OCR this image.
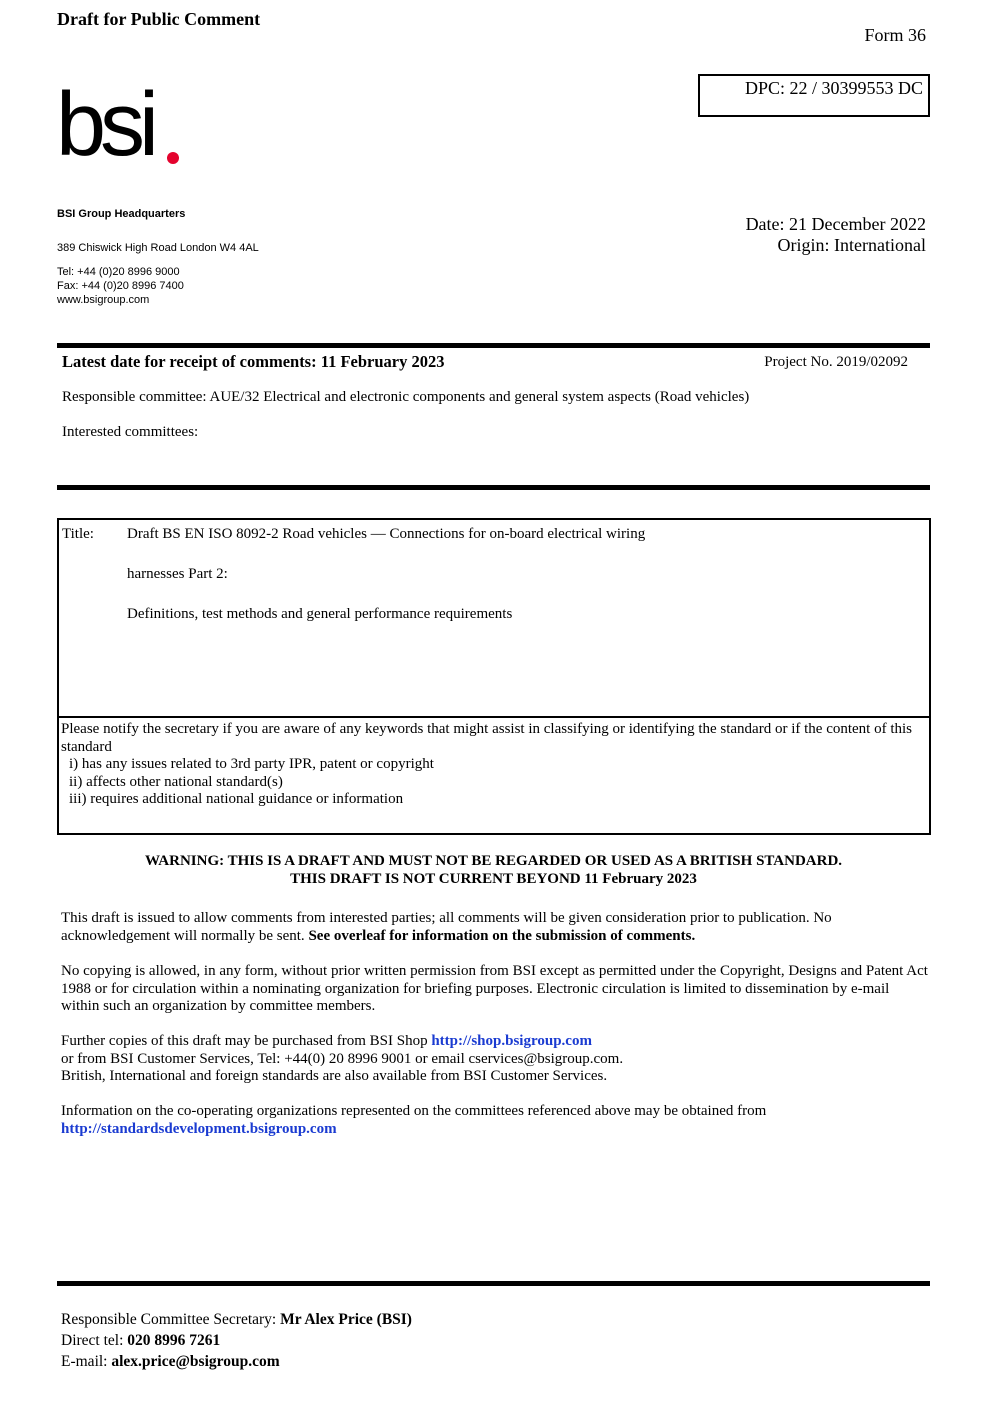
Draft for Public Comment
Form 36
DPC: 22 / 30399553 DC
bsi
BSI Group Headquarters
389 Chiswick High Road London W4 4AL
Tel: +44 (0)20 8996 9000
Fax: +44 (0)20 8996 7400
www.bsigroup.com
Date: 21 December 2022
Origin: International
Latest date for receipt of comments: 11 February 2023	Project No. 2019/02092
Responsible committee: AUE/32 Electrical and electronic components and general system aspects (Road vehicles)
Interested committees:
Title: Draft BS EN ISO 8092-2 Road vehicles — Connections for on-board electrical wiring
harnesses Part 2:
Definitions, test methods and general performance requirements
Please notify the secretary if you are aware of any keywords that might assist in classifying or identifying the standard or if the content of this standard
i) has any issues related to 3rd party IPR, patent or copyright
ii) affects other national standard(s)
iii) requires additional national guidance or information
WARNING: THIS IS A DRAFT AND MUST NOT BE REGARDED OR USED AS A BRITISH STANDARD.
THIS DRAFT IS NOT CURRENT BEYOND 11 February 2023
This draft is issued to allow comments from interested parties; all comments will be given consideration prior to publication. No acknowledgement will normally be sent. See overleaf for information on the submission of comments.
No copying is allowed, in any form, without prior written permission from BSI except as permitted under the Copyright, Designs and Patent Act 1988 or for circulation within a nominating organization for briefing purposes. Electronic circulation is limited to dissemination by e-mail within such an organization by committee members.
Further copies of this draft may be purchased from BSI Shop http://shop.bsigroup.com
or from BSI Customer Services, Tel: +44(0) 20 8996 9001 or email cservices@bsigroup.com.
British, International and foreign standards are also available from BSI Customer Services.
Information on the co-operating organizations represented on the committees referenced above may be obtained from
http://standardsdevelopment.bsigroup.com
Responsible Committee Secretary: Mr Alex Price (BSI)
Direct tel: 020 8996 7261
E-mail: alex.price@bsigroup.com
